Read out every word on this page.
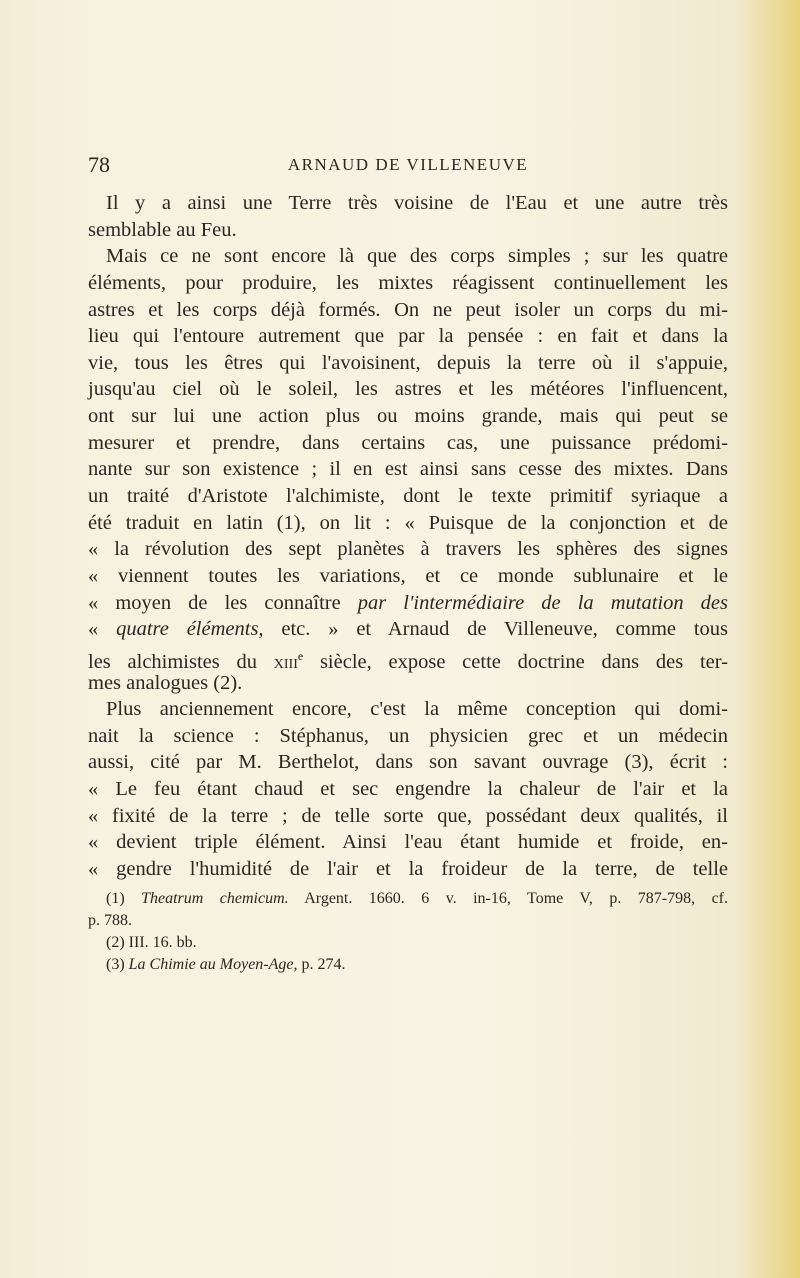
78	ARNAUD DE VILLENEUVE
Il y a ainsi une Terre très voisine de l'Eau et une autre très
semblable au Feu.
Mais ce ne sont encore là que des corps simples ; sur les quatre
éléments, pour produire, les mixtes réagissent continuellement les
astres et les corps déjà formés. On ne peut isoler un corps du mi-
lieu qui l'entoure autrement que par la pensée : en fait et dans la
vie, tous les êtres qui l'avoisinent, depuis la terre où il s'appuie,
jusqu'au ciel où le soleil, les astres et les météores l'influencent,
ont sur lui une action plus ou moins grande, mais qui peut se
mesurer et prendre, dans certains cas, une puissance prédomi-
nante sur son existence ; il en est ainsi sans cesse des mixtes. Dans
un traité d'Aristote l'alchimiste, dont le texte primitif syriaque a
été traduit en latin (1), on lit : « Puisque de la conjonction et de
« la révolution des sept planètes à travers les sphères des signes
« viennent toutes les variations, et ce monde sublunaire et le
« moyen de les connaître par l'intermédiaire de la mutation des
« quatre éléments, etc. » et Arnaud de Villeneuve, comme tous
les alchimistes du xiii$^e$ siècle, expose cette doctrine dans des ter-
mes analogues (2).
Plus anciennement encore, c'est la même conception qui domi-
nait la science : Stéphanus, un physicien grec et un médecin
aussi, cité par M. Berthelot, dans son savant ouvrage (3), écrit :
« Le feu étant chaud et sec engendre la chaleur de l'air et la
« fixité de la terre ; de telle sorte que, possédant deux qualités, il
« devient triple élément. Ainsi l'eau étant humide et froide, en-
« gendre l'humidité de l'air et la froideur de la terre, de telle
(1) Theatrum chemicum. Argent. 1660. 6 v. in-16, Tome V, p. 787-798, cf.
p. 788.
(2) III. 16. bb.
(3) La Chimie au Moyen-Age, p. 274.
